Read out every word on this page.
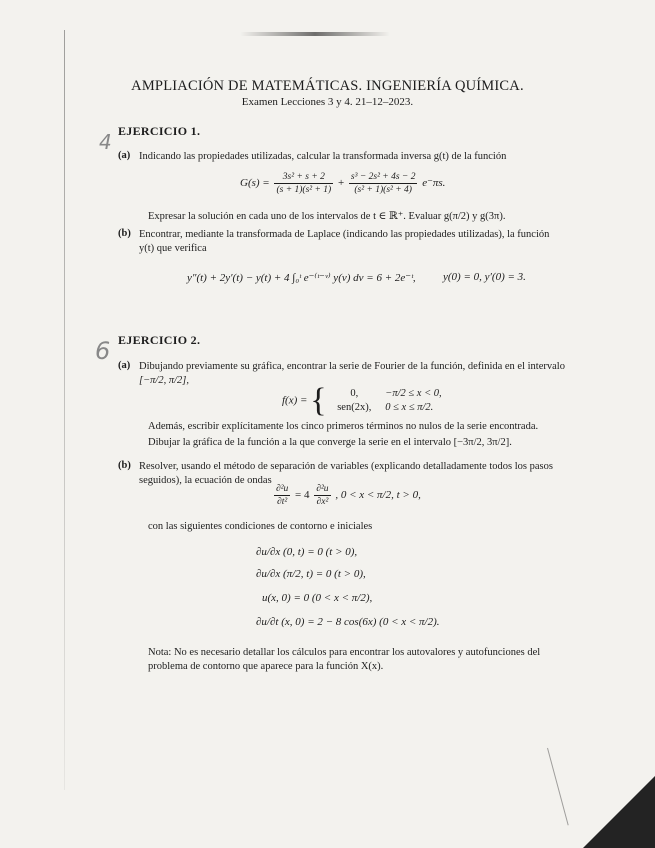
AMPLIACIÓN DE MATEMÁTICAS. INGENIERÍA QUÍMICA.
Examen Lecciones 3 y 4. 21–12–2023.
4 EJERCICIO 1.
(a) Indicando las propiedades utilizadas, calcular la transformada inversa g(t) de la función
$G(s) = \frac{\text{3s² + s + 2}}{\text{(s + 1)(s² + 1)}} + \frac{\text{s³ − 2s² + 4s − 2}}{\text{(s² + 1)(s² + 4)}} e^-\pi s$.
Expresar la solución en cada uno de los intervalos de t ∈ ℝ⁺. Evaluar g(π/2) y g(3π).
(b) Encontrar, mediante la transformada de Laplace (indicando las propiedades utilizadas), la función
y(t) que verifica
y″(t) + 2y′(t) − y(t) + 4 ∫₀ᵗ e⁻⁽ᵗ⁻ᵛ⁾ y(v) dv = 6 + 2e⁻ᵗ, y(0) = 0, y′(0) = 3.
6 EJERCICIO 2.
(a) Dibujando previamente su gráfica, encontrar la serie de Fourier de la función, definida en el intervalo
[−π/2, π/2],
f(x) = { 0,	−π/2 ≤ x < 0,
sen(2x),	0 ≤ x ≤ π/2.
Además, escribir explícitamente los cinco primeros términos no nulos de la serie encontrada.
Dibujar la gráfica de la función a la que converge la serie en el intervalo [−3π/2, 3π/2].
(b) Resolver, usando el método de separación de variables (explicando detalladamente todos los pasos
seguidos), la ecuación de ondas
$\frac{\text{∂²u}}{\text{∂t²}} = 4 \frac{\text{∂²u}}{\text{∂x²}}$ , 0 < x < π/2, t > 0,
con las siguientes condiciones de contorno e iniciales
∂u/∂x (0, t) = 0 (t > 0),
∂u/∂x (π/2, t) = 0 (t > 0),
u(x, 0) = 0 (0 < x < π/2),
∂u/∂t (x, 0) = 2 − 8 cos(6x) (0 < x < π/2).
Nota: No es necesario detallar los cálculos para encontrar los autovalores y autofunciones del
problema de contorno que aparece para la función X(x).
